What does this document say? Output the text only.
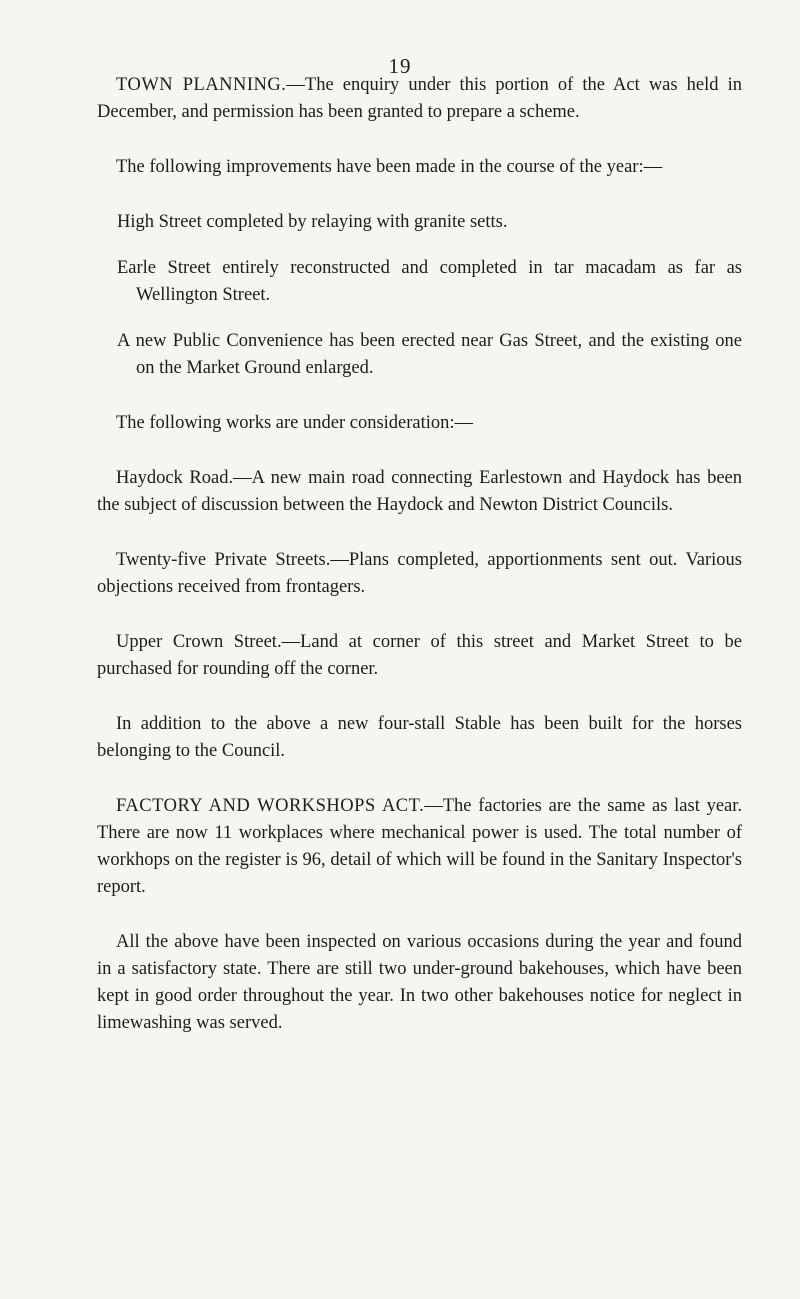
19

TOWN PLANNING.—The enquiry under this portion of the Act was held in December, and permission has been granted to prepare a scheme.

The following improvements have been made in the course of the year:—

High Street completed by relaying with granite setts.

Earle Street entirely reconstructed and completed in tar macadam as far as Wellington Street.

A new Public Convenience has been erected near Gas Street, and the existing one on the Market Ground enlarged.

The following works are under consideration:—

Haydock Road.—A new main road connecting Earlestown and Haydock has been the subject of discussion between the Haydock and Newton District Councils.

Twenty-five Private Streets.—Plans completed, apportionments sent out. Various objections received from frontagers.

Upper Crown Street.—Land at corner of this street and Market Street to be purchased for rounding off the corner.

In addition to the above a new four-stall Stable has been built for the horses belonging to the Council.

FACTORY AND WORKSHOPS ACT.—The factories are the same as last year. There are now 11 workplaces where mechanical power is used. The total number of workhops on the register is 96, detail of which will be found in the Sanitary Inspector's report.

All the above have been inspected on various occasions during the year and found in a satisfactory state. There are still two under-ground bakehouses, which have been kept in good order throughout the year. In two other bakehouses notice for neglect in limewashing was served.
